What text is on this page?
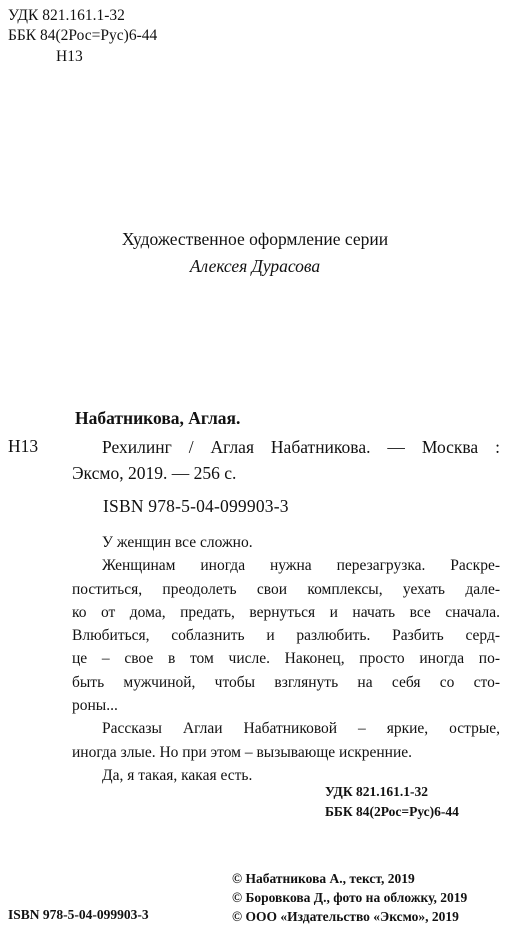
УДК 821.161.1-32
ББК 84(2Рос=Рус)6-44
Н13
Художественное оформление серии
Алексея Дурасова
Набатникова, Аглая.
Н13	Рехилинг / Аглая Набатникова. — Москва :
Эксмо, 2019. — 256 с.
ISBN 978-5-04-099903-3
У женщин все сложно.
Женщинам иногда нужна перезагрузка. Раскре-
поститься, преодолеть свои комплексы, уехать дале-
ко от дома, предать, вернуться и начать все сначала.
Влюбиться, соблазнить и разлюбить. Разбить серд-
це – свое в том числе. Наконец, просто иногда по-
быть мужчиной, чтобы взглянуть на себя со сто-
роны...
Рассказы Аглаи Набатниковой – яркие, острые,
иногда злые. Но при этом – вызывающе искренние.
Да, я такая, какая есть.
УДК 821.161.1-32
ББК 84(2Рос=Рус)6-44
© Набатникова А., текст, 2019
© Боровкова Д., фото на обложку, 2019
© ООО «Издательство «Эксмо», 2019
ISBN 978-5-04-099903-3
